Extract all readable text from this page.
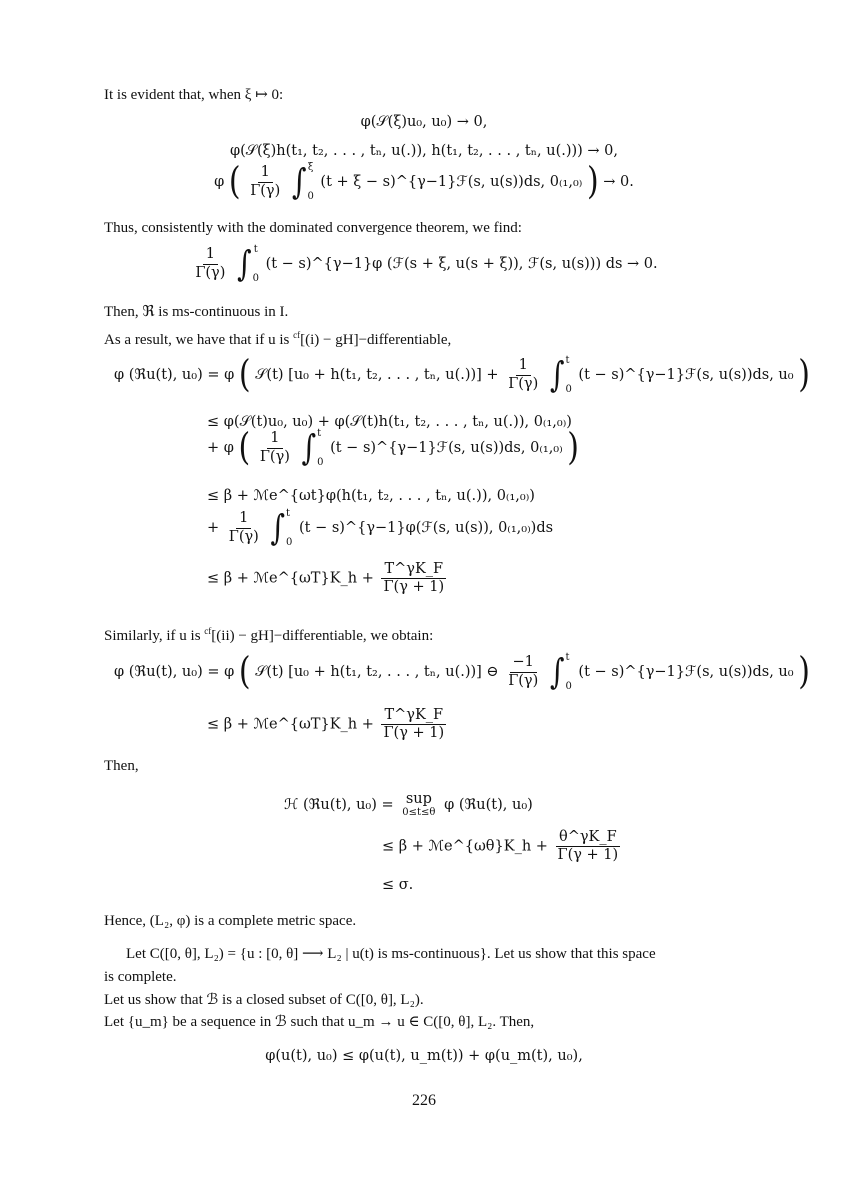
It is evident that, when ξ ↦ 0:
φ(𝒮(ξ)u₀, u₀) → 0,
φ(𝒮(ξ)h(t₁, t₂, . . . , tₙ, u(.)), h(t₁, t₂, . . . , tₙ, u(.))) → 0,
φ ( $\frac{1}{\Gamma(\gamma)}$
∫ ξ
0
(t + ξ − s)^{γ−1}ℱ(s, u(s))ds, 0₍₁,₀₎ ) → 0.
Thus, consistently with the dominated convergence theorem, we find:
$\frac{1}{\Gamma(\gamma)}$
∫ t
0
(t − s)^{γ−1}φ (ℱ(s + ξ, u(s + ξ)), ℱ(s, u(s))) ds → 0.
Then, ℜ is ms-continuous in I.
As a result, we have that if u is $^{cf}$[(i) − gH]−differentiable,
φ (ℜu(t), u₀) = φ ( 𝒮(t) [u₀ + h(t₁, t₂, . . . , tₙ, $u(.))] + \frac{1}{\Gamma(\gamma)}$
∫ t
0
(t − s)^{γ−1}ℱ(s, u(s))ds, u₀ )
≤ φ(𝒮(t)u₀, u₀) + φ(𝒮(t)h(t₁, t₂, . . . , tₙ, u(.)), 0₍₁,₀₎)
+ φ ( $\frac{1}{\Gamma(\gamma)}$
∫ t
0
(t − s)^{γ−1}ℱ(s, u(s))ds, 0₍₁,₀₎ )
≤ β + ℳe^{ωt}φ(h(t₁, t₂, . . . , tₙ, u(.)), 0₍₁,₀₎)
+ $\frac{1}{\Gamma(\gamma)}$
∫ t
0
(t − s)^{γ−1}φ(ℱ(s, u(s)), 0₍₁,₀₎)ds
≤ β + ℳe^{ωT}K_h + $\frac{T\^{}\gamma K\_F}{\Gamma(\gamma + 1)}$
Similarly, if u is $^{cf}$[(ii) − gH]−differentiable, we obtain:
φ (ℜu(t), u₀) = φ ( 𝒮(t) [u₀ + h(t₁, t₂, . . . , tₙ, u(.))] ⊖ $\frac{-1}{\Gamma(\gamma)}$
∫ t
0
(t − s)^{γ−1}ℱ(s, u(s))ds, u₀ )
≤ β + ℳe^{ωT}K_h + $\frac{T\^{}\gamma K\_F}{\Gamma(\gamma + 1)}$
Then,
ℋ (ℜu(t), u₀) = sup
0≤t≤θ φ (ℜu(t), u₀)
≤ β + ℳe^{ωθ}K_h + $\frac{\theta\^{}\gamma K\_F}{\Gamma(\gamma + 1)}$
≤ σ.
Hence, (L₂, φ) is a complete metric space.
Let C([0, θ], L₂) = {u : [0, θ] ⟶ L₂ | u(t) is ms-continuous}. Let us show that this space
is complete.
Let us show that ℬ is a closed subset of C([0, θ], L₂).
Let {u_m} be a sequence in ℬ such that u_m → u ∈ C([0, θ], L₂. Then,
φ(u(t), u₀) ≤ φ(u(t), u_m(t)) + φ(u_m(t), u₀),
226
